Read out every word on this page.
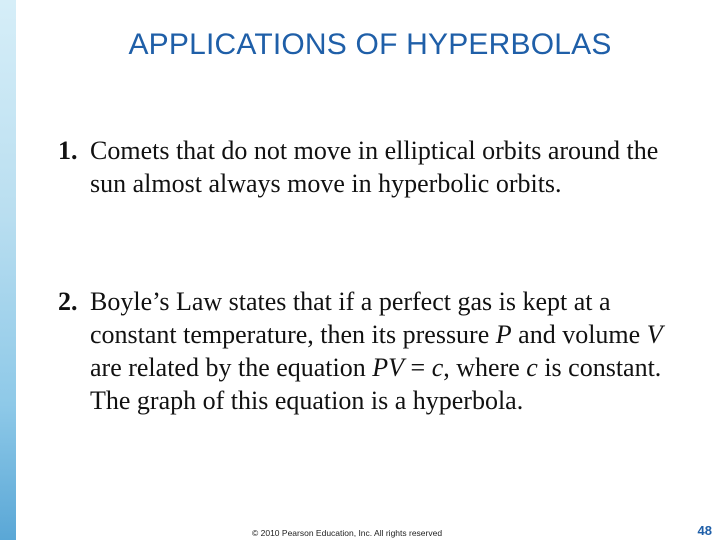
APPLICATIONS OF HYPERBOLAS
1. Comets that do not move in elliptical orbits around the sun almost always move in hyperbolic orbits.
2. Boyle’s Law states that if a perfect gas is kept at a constant temperature, then its pressure P and volume V are related by the equation PV = c, where c is constant. The graph of this equation is a hyperbola.
© 2010 Pearson Education, Inc. All rights reserved	48
